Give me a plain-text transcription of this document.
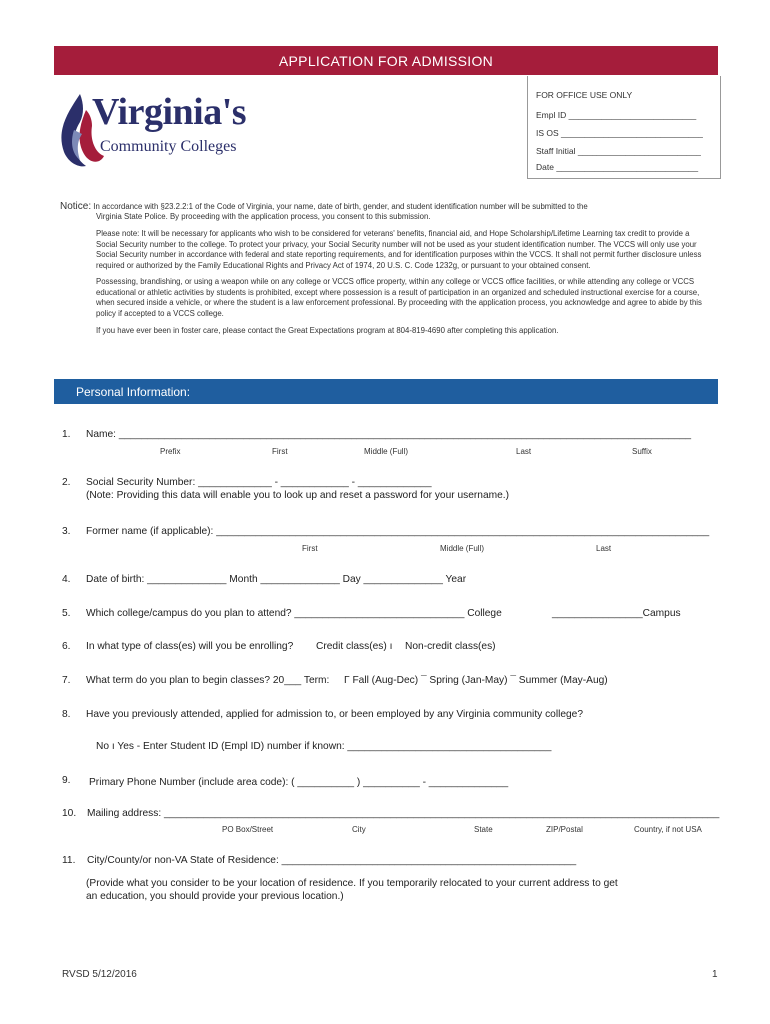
APPLICATION FOR ADMISSION
FOR OFFICE USE ONLY
Empl ID ___________________________
IS OS ______________________________
Staff Initial __________________________
Date ______________________________
Virginia's
Community Colleges

Notice: In accordance with §23.2.2:1 of the Code of Virginia, your name, date of birth, gender, and student identification number will be submitted to the
Virginia State Police. By proceeding with the application process, you consent to this submission.

Please note: It will be necessary for applicants who wish to be considered for veterans' benefits, financial aid, and Hope Scholarship/Lifetime Learning tax credit to provide a Social Security number to the college. To protect your privacy, your Social Security number will not be used as your student identification number. The VCCS will only use your Social Security number in accordance with federal and state reporting requirements, and for identification purposes within the VCCS. It shall not permit further disclosure unless required or authorized by the Family Educational Rights and Privacy Act of 1974, 20 U.S. C. Code 1232g, or pursuant to your obtained consent.

Possessing, brandishing, or using a weapon while on any college or VCCS office property, within any college or VCCS office facilities, or while attending any college or VCCS educational or athletic activities by students is prohibited, except where possession is a result of participation in an organized and scheduled instructional exercise for a course, when secured inside a vehicle, or where the student is a law enforcement professional. By proceeding with the application process, you acknowledge and agree to abide by this policy if accepted to a VCCS college.

If you have ever been in foster care, please contact the Great Expectations program at 804-819-4690 after completing this application.

Personal Information:
1. Name: _____________________________________________________________________________________________________
Prefix	First	Middle (Full)	Last	Suffix
2. Social Security Number: _____________ - ____________ - _____________
(Note: Providing this data will enable you to look up and reset a password for your username.)
3. Former name (if applicable): _______________________________________________________________________________________
First	Middle (Full)	Last
4. Date of birth: ______________ Month ______________ Day ______________ Year
5. Which college/campus do you plan to attend? ______________________________ College	________________Campus
6. In what type of class(es) will you be enrolling? Credit class(es) ı Non-credit class(es)
7. What term do you plan to begin classes? 20___ Term: Γ Fall (Aug-Dec) ¯ Spring (Jan-May) ¯ Summer (May-Aug)
8. Have you previously attended, applied for admission to, or been employed by any Virginia community college?
No ı Yes - Enter Student ID (Empl ID) number if known: ____________________________________
9. Primary Phone Number (include area code): ( __________ ) __________ - ______________
10. Mailing address: __________________________________________________________________________________________________
PO Box/Street	City	State	ZIP/Postal	Country, if not USA
11. City/County/or non-VA State of Residence: ____________________________________________________
(Provide what you consider to be your location of residence. If you temporarily relocated to your current address to get
an education, you should provide your previous location.)
RVSD 5/12/2016	1
